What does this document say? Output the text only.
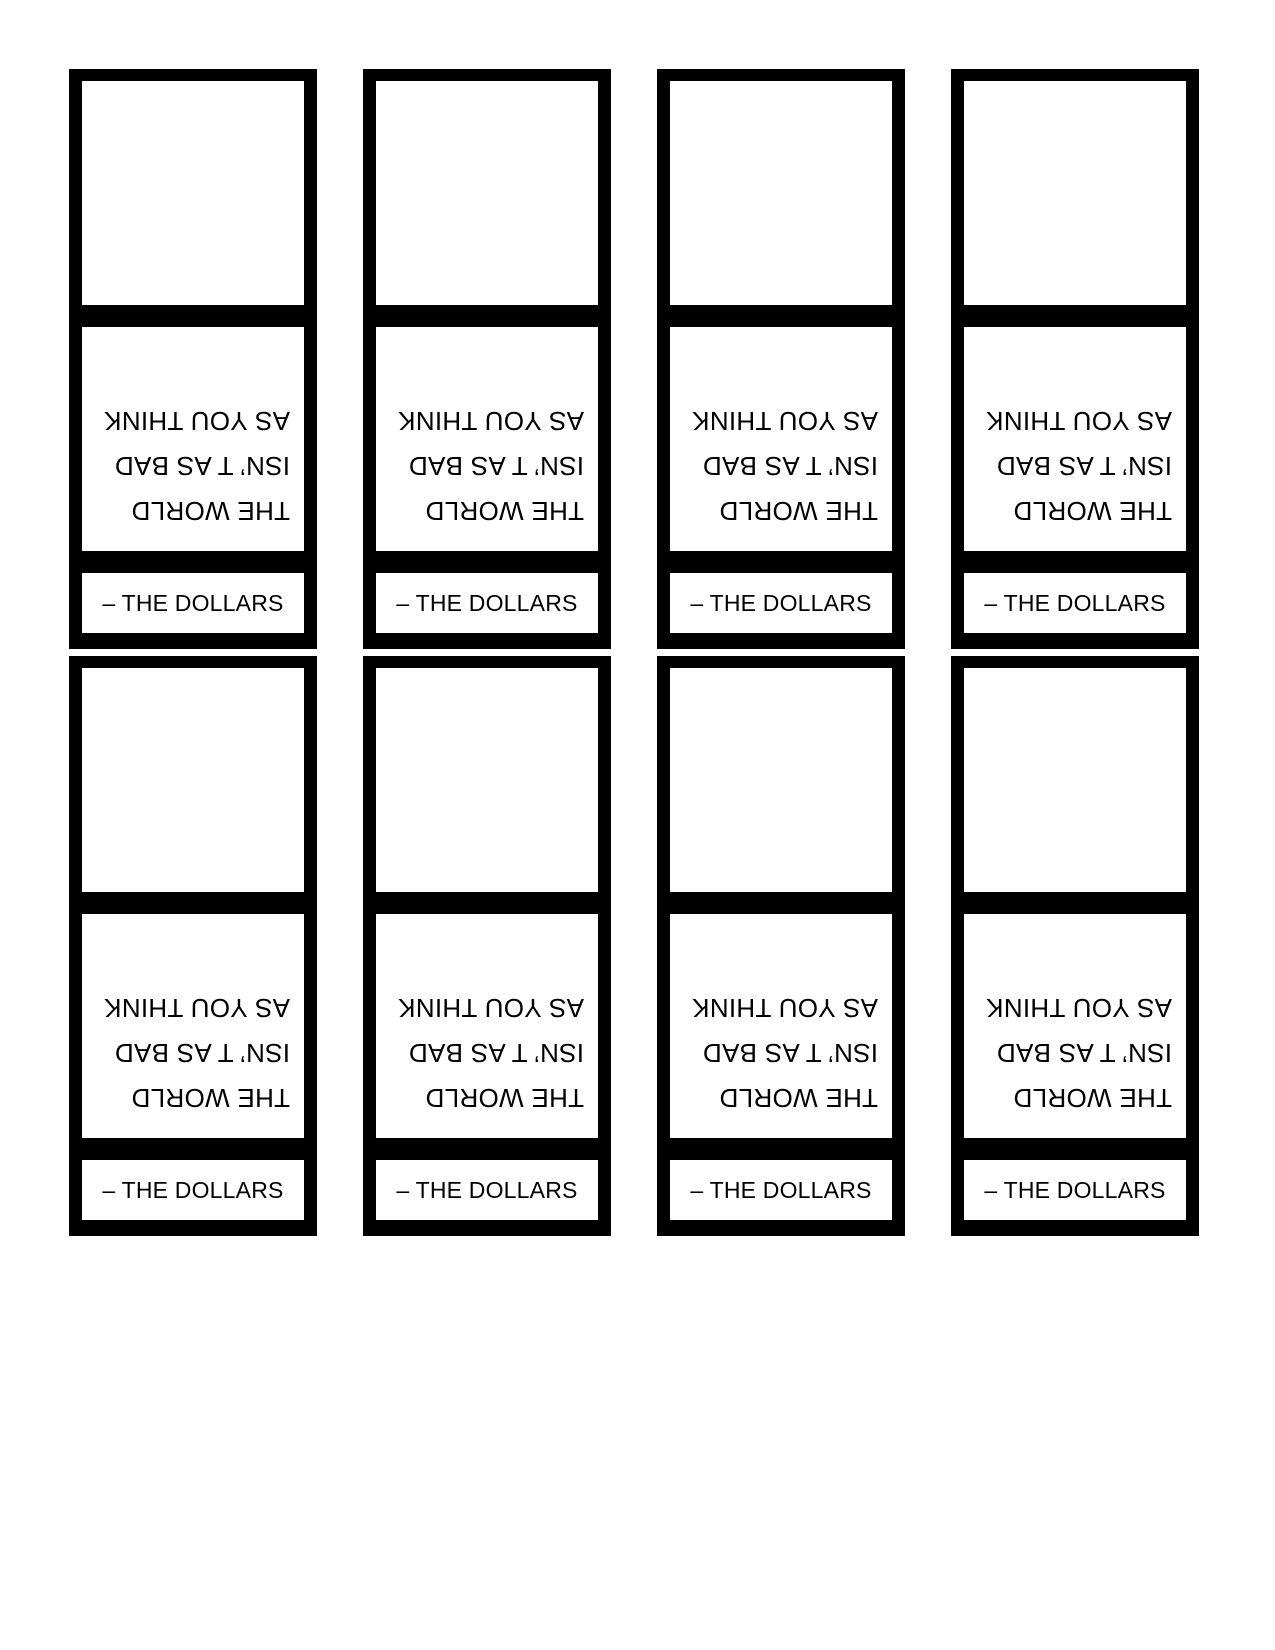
THE WORLD
ISN’ T AS BAD
AS YOU THINK
– THE DOLLARS
THE WORLD
ISN’ T AS BAD
AS YOU THINK
– THE DOLLARS
THE WORLD
ISN’ T AS BAD
AS YOU THINK
– THE DOLLARS
THE WORLD
ISN’ T AS BAD
AS YOU THINK
– THE DOLLARS
THE WORLD
ISN’ T AS BAD
AS YOU THINK
– THE DOLLARS
THE WORLD
ISN’ T AS BAD
AS YOU THINK
– THE DOLLARS
THE WORLD
ISN’ T AS BAD
AS YOU THINK
– THE DOLLARS
THE WORLD
ISN’ T AS BAD
AS YOU THINK
– THE DOLLARS
